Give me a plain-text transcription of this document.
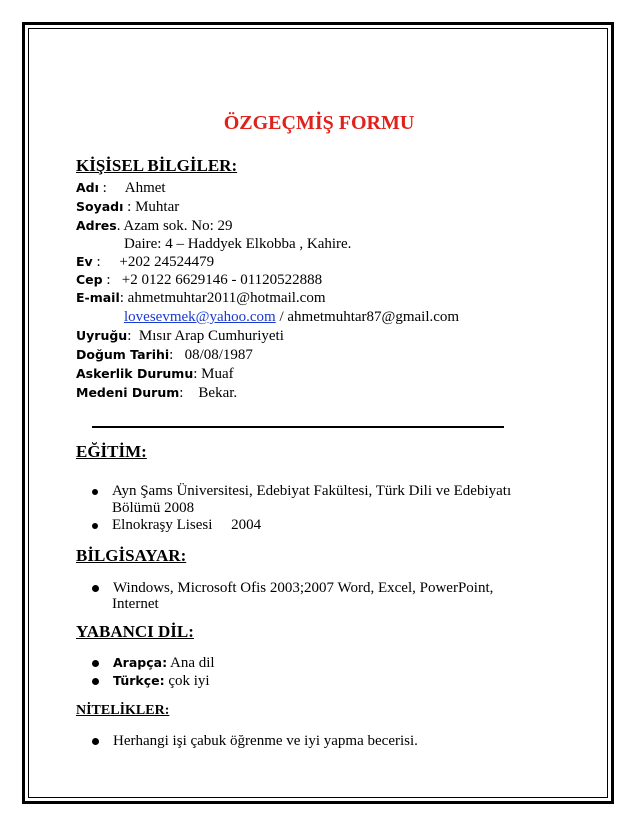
ÖZGEÇMİŞ FORMU
KİŞİSEL BİLGİLER:
Adı :     Ahmet
Soyadı : Muhtar
Adres. Azam sok. No: 29
Daire: 4 – Haddyek Elkobba , Kahire.
Ev :     +202 24524479
Cep :   +2 0122 6629146 - 01120522888
E-mail: ahmetmuhtar2011@hotmail.com
lovesevmek@yahoo.com / ahmetmuhtar87@gmail.com
Uyruğu:  Mısır Arap Cumhuriyeti
Doğum Tarihi:   08/08/1987
Askerlik Durumu: Muaf
Medeni Durum:    Bekar.
EĞİTİM:
Ayn Şams Üniversitesi, Edebiyat Fakültesi, Türk Dili ve Edebiyatı
Bölümü 2008
Elnokraşy Lisesi     2004
BİLGİSAYAR:
Windows, Microsoft Ofis 2003;2007 Word, Excel, PowerPoint,
Internet
YABANCI DİL:
Arapça: Ana dil
Türkçe: çok iyi
NİTELİKLER:
Herhangi işi çabuk öğrenme ve iyi yapma becerisi.
